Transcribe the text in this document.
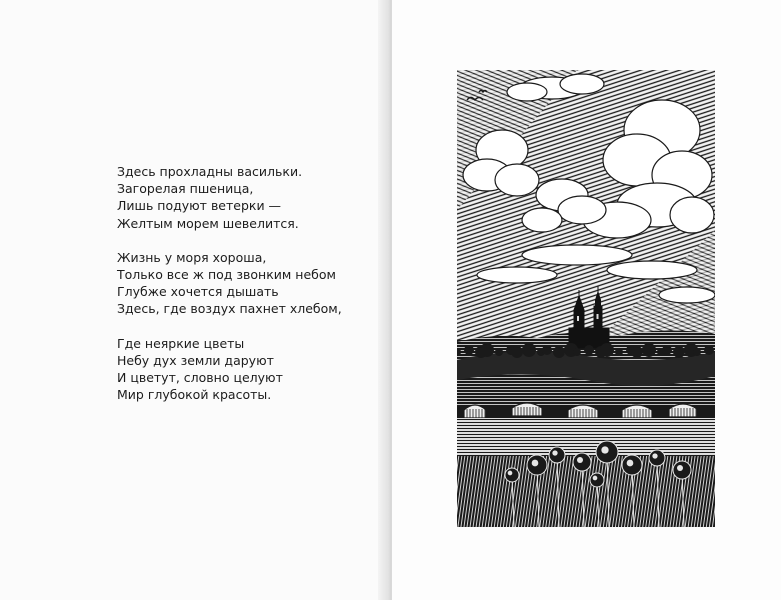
Здесь прохладны васильки.
Загорелая пшеница,
Лишь подуют ветерки —
Желтым морем шевелится.
Жизнь у моря хороша,
Только все ж под звонким небом
Глубже хочется дышать
Здесь, где воздух пахнет хлебом,
Где неяркие цветы
Небу дух земли даруют
И цветут, словно целуют
Мир глубокой красоты.
